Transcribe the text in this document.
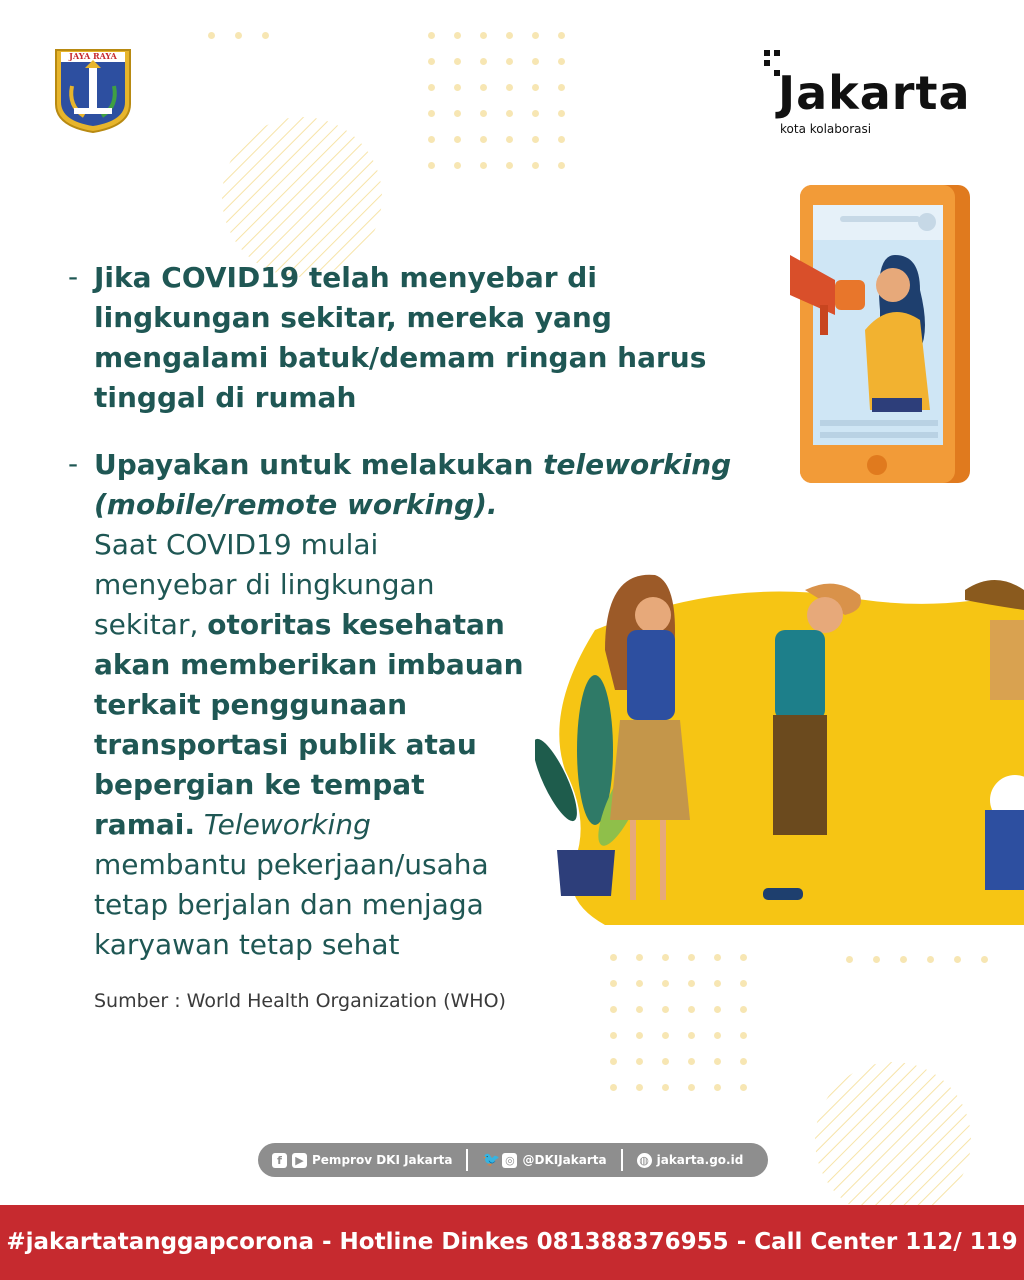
JAYA RAYA
Jakarta
kota kolaborasi
- Jika COVID19 telah menyebar di lingkungan sekitar, mereka yang mengalami batuk/demam ringan harus tinggal di rumah
- Upayakan untuk melakukan teleworking
(mobile/remote working).
Saat COVID19 mulai menyebar di lingkungan sekitar, otoritas kesehatan akan memberikan imbauan terkait penggunaan transportasi publik atau bepergian ke tempat ramai. Teleworking membantu pekerjaan/usaha tetap berjalan dan menjaga karyawan tetap sehat
Sumber : World Health Organization (WHO)
f	▶ Pemprov DKI Jakarta 🐦 ◎ @DKIJakarta	◍ jakarta.go.id
#jakartatanggapcorona - Hotline Dinkes 081388376955 - Call Center 112/ 119
